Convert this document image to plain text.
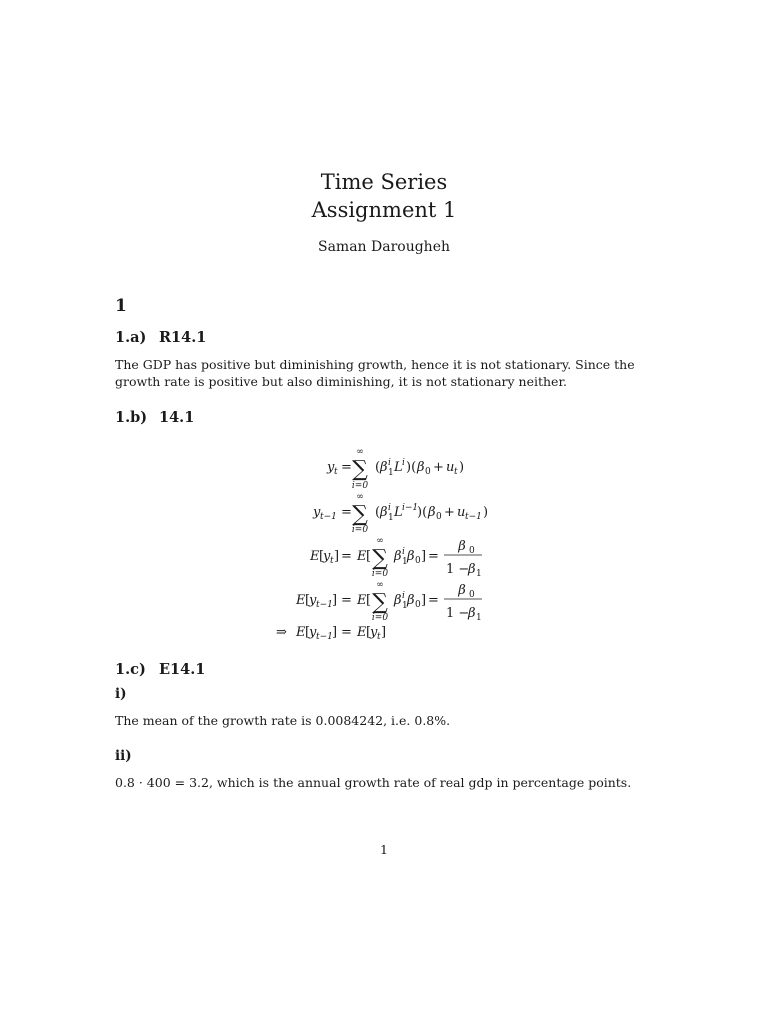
Time Series
Assignment 1
Saman Darougheh
1
1.a) R14.1
The GDP has positive but diminishing growth, hence it is not stationary. Since the growth rate is positive but also diminishing, it is not stationary neither.
1.b) 14.1
y t =
∞
∑
i=0
( β i
1 L i )( β 0 + u t )
y t−1 =
∞
∑
i=0
( β i
1 L i−1
)( β 0 + u t−1 )
E [
y t ] = E [
∞
∑
i=0
β i
1 β 0 ] =
β 0
1 −
β 1
E [
y t−1 ] = E [
∞
∑
i=0
β i
1 β 0 ] =
β 0
1 −
β 1
⇒ E [
y t−1 ] = E [
y t ]
1.c) E14.1
i)
The mean of the growth rate is 0.0084242, i.e. 0.8%.
ii)
0.8 · 400 = 3.2, which is the annual growth rate of real gdp in percentage points.
1
